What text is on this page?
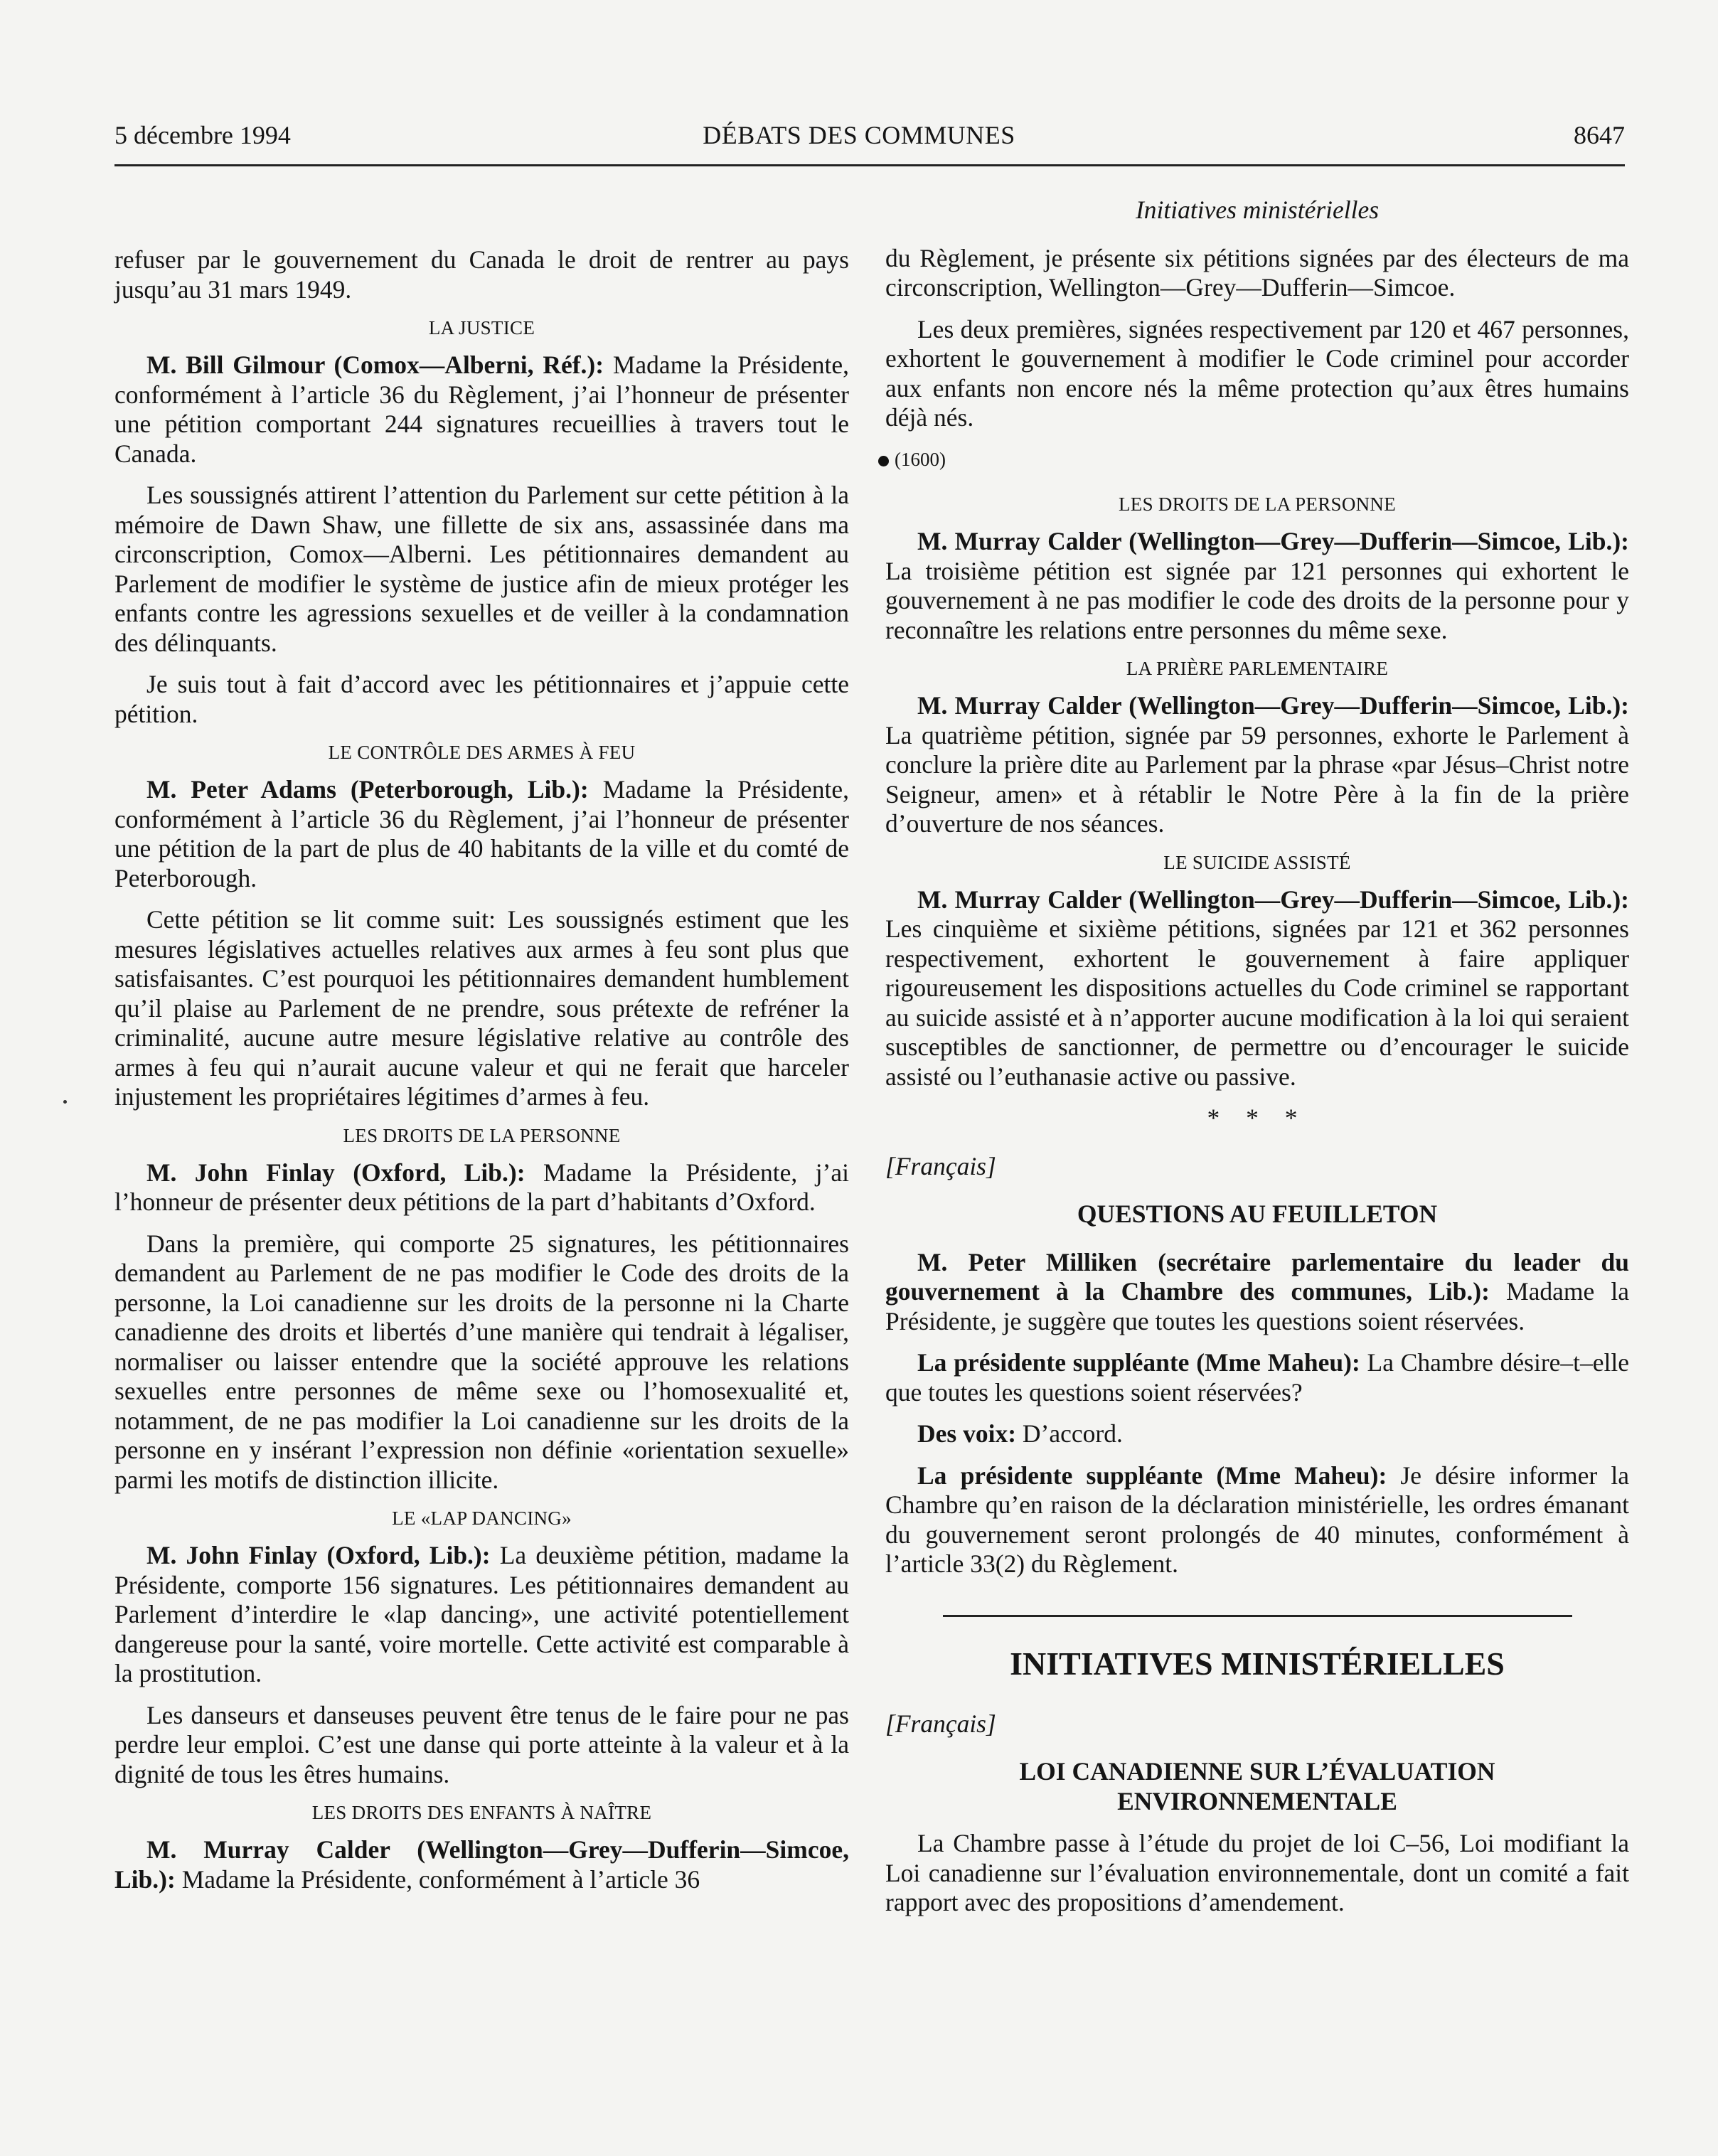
5 décembre 1994	DÉBATS DES COMMUNES	8647

refuser par le gouvernement du Canada le droit de rentrer au pays jusqu’au 31 mars 1949.

LA JUSTICE

M. Bill Gilmour (Comox—Alberni, Réf.): Madame la Présidente, conformément à l’article 36 du Règlement, j’ai l’honneur de présenter une pétition comportant 244 signatures recueillies à travers tout le Canada.

Les soussignés attirent l’attention du Parlement sur cette pétition à la mémoire de Dawn Shaw, une fillette de six ans, assassinée dans ma circonscription, Comox—Alberni. Les pétitionnaires demandent au Parlement de modifier le système de justice afin de mieux protéger les enfants contre les agressions sexuelles et de veiller à la condamnation des délinquants.

Je suis tout à fait d’accord avec les pétitionnaires et j’appuie cette pétition.

LE CONTRÔLE DES ARMES À FEU

M. Peter Adams (Peterborough, Lib.): Madame la Présidente, conformément à l’article 36 du Règlement, j’ai l’honneur de présenter une pétition de la part de plus de 40 habitants de la ville et du comté de Peterborough.

Cette pétition se lit comme suit: Les soussignés estiment que les mesures législatives actuelles relatives aux armes à feu sont plus que satisfaisantes. C’est pourquoi les pétitionnaires demandent humblement qu’il plaise au Parlement de ne prendre, sous prétexte de refréner la criminalité, aucune autre mesure législative relative au contrôle des armes à feu qui n’aurait aucune valeur et qui ne ferait que harceler injustement les propriétaires légitimes d’armes à feu.

LES DROITS DE LA PERSONNE

M. John Finlay (Oxford, Lib.): Madame la Présidente, j’ai l’honneur de présenter deux pétitions de la part d’habitants d’Oxford.

Dans la première, qui comporte 25 signatures, les pétitionnaires demandent au Parlement de ne pas modifier le Code des droits de la personne, la Loi canadienne sur les droits de la personne ni la Charte canadienne des droits et libertés d’une manière qui tendrait à légaliser, normaliser ou laisser entendre que la société approuve les relations sexuelles entre personnes de même sexe ou l’homosexualité et, notamment, de ne pas modifier la Loi canadienne sur les droits de la personne en y insérant l’expression non définie «orientation sexuelle» parmi les motifs de distinction illicite.

LE «LAP DANCING»

M. John Finlay (Oxford, Lib.): La deuxième pétition, madame la Présidente, comporte 156 signatures. Les pétitionnaires demandent au Parlement d’interdire le «lap dancing», une activité potentiellement dangereuse pour la santé, voire mortelle. Cette activité est comparable à la prostitution.

Les danseurs et danseuses peuvent être tenus de le faire pour ne pas perdre leur emploi. C’est une danse qui porte atteinte à la valeur et à la dignité de tous les êtres humains.

LES DROITS DES ENFANTS À NAÎTRE

M. Murray Calder (Wellington—Grey—Dufferin—Simcoe, Lib.): Madame la Présidente, conformément à l’article 36

Initiatives ministérielles

du Règlement, je présente six pétitions signées par des électeurs de ma circonscription, Wellington—Grey—Dufferin—Simcoe.

Les deux premières, signées respectivement par 120 et 467 personnes, exhortent le gouvernement à modifier le Code criminel pour accorder aux enfants non encore nés la même protection qu’aux êtres humains déjà nés.

(1600)
LES DROITS DE LA PERSONNE

M. Murray Calder (Wellington—Grey—Dufferin—Simcoe, Lib.): La troisième pétition est signée par 121 personnes qui exhortent le gouvernement à ne pas modifier le code des droits de la personne pour y reconnaître les relations entre personnes du même sexe.

LA PRIÈRE PARLEMENTAIRE

M. Murray Calder (Wellington—Grey—Dufferin—Simcoe, Lib.): La quatrième pétition, signée par 59 personnes, exhorte le Parlement à conclure la prière dite au Parlement par la phrase «par Jésus–Christ notre Seigneur, amen» et à rétablir le Notre Père à la fin de la prière d’ouverture de nos séances.

LE SUICIDE ASSISTÉ

M. Murray Calder (Wellington—Grey—Dufferin—Simcoe, Lib.): Les cinquième et sixième pétitions, signées par 121 et 362 personnes respectivement, exhortent le gouvernement à faire appliquer rigoureusement les dispositions actuelles du Code criminel se rapportant au suicide assisté et à n’apporter aucune modification à la loi qui seraient susceptibles de sanctionner, de permettre ou d’encourager le suicide assisté ou l’euthanasie active ou passive.

* * *
[Français]
QUESTIONS AU FEUILLETON

M. Peter Milliken (secrétaire parlementaire du leader du gouvernement à la Chambre des communes, Lib.): Madame la Présidente, je suggère que toutes les questions soient réservées.

La présidente suppléante (Mme Maheu): La Chambre désire–t–elle que toutes les questions soient réservées?

Des voix: D’accord.

La présidente suppléante (Mme Maheu): Je désire informer la Chambre qu’en raison de la déclaration ministérielle, les ordres émanant du gouvernement seront prolongés de 40 minutes, conformément à l’article 33(2) du Règlement.

INITIATIVES MINISTÉRIELLES
[Français]
LOI CANADIENNE SUR L’ÉVALUATION ENVIRONNEMENTALE

La Chambre passe à l’étude du projet de loi C–56, Loi modifiant la Loi canadienne sur l’évaluation environnementale, dont un comité a fait rapport avec des propositions d’amendement.
